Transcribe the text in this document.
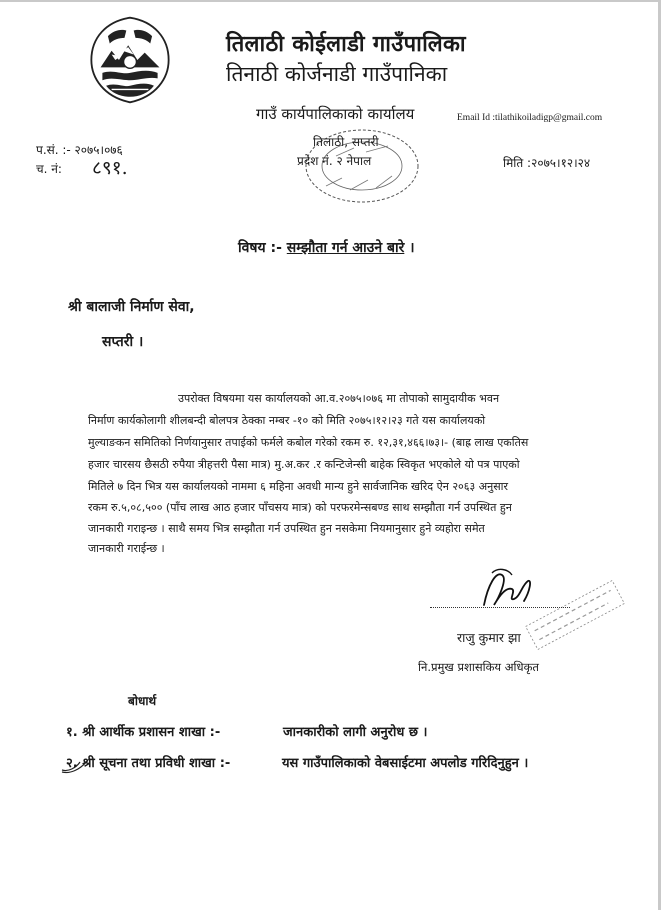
तिलाठी कोईलाडी गाउँपालिका
तिनाठी कोर्जनाडी गाउँपानिका
गाउँ कार्यपालिकाको कार्यालय	Email Id :tilathikoiladigp@gmail.com
प.सं. :- २०७५।०७६
च. नं: ८९१.
तिलाठी, सप्तरी
प्रदेश नं. २ नेपाल	मिति :२०७५।१२।२४
विषय :- सम्झौता गर्न आउने बारे ।
श्री बालाजी निर्माण सेवा,
सप्तरी ।
उपरोक्त विषयमा यस कार्यालयको आ.व.२०७५।०७६ मा तोपाको सामुदायीक भवन
निर्माण कार्यकोलागी शीलबन्दी बोलपत्र ठेक्का नम्बर -१० को मिति २०७५।१२।२३ गते यस कार्यालयको
मुल्याङकन समितिको निर्णयानुसार तपाईको फर्मले कबोल गरेको रकम रु. १२,३१,४६६।७३।- (बाह्र लाख एकतिस
हजार चारसय छैसठी रुपैया त्रीहत्तरी पैसा मात्र) मु.अ.कर .र कन्टिजेन्सी बाहेक स्विकृत भएकोले यो पत्र पाएको
मितिले ७ दिन भित्र यस कार्यालयको नाममा ६ महिना अवधी मान्य हुने सार्वजानिक खरिद ऐन २०६३ अनुसार
रकम रु.५,०८,५०० (पाँच लाख आठ हजार पाँचसय मात्र) को परफरमेन्सबण्ड साथ सम्झौता गर्न उपस्थित हुन
जानकारी गराइन्छ । साथै समय भित्र सम्झौता गर्न उपस्थित हुन नसकेमा नियमानुसार हुने व्यहोरा समेत
जानकारी गराईन्छ ।
राजु कुमार झा
नि.प्रमुख प्रशासकिय अधिकृत
बोधार्थ
१. श्री आर्थीक प्रशासन शाखा :-	जानकारीको लागी अनुरोध छ ।
२. श्री सूचना तथा प्रविधी शाखा :-	यस गाउँपालिकाको वेबसाईटमा अपलोड गरिदिनुहुन ।
